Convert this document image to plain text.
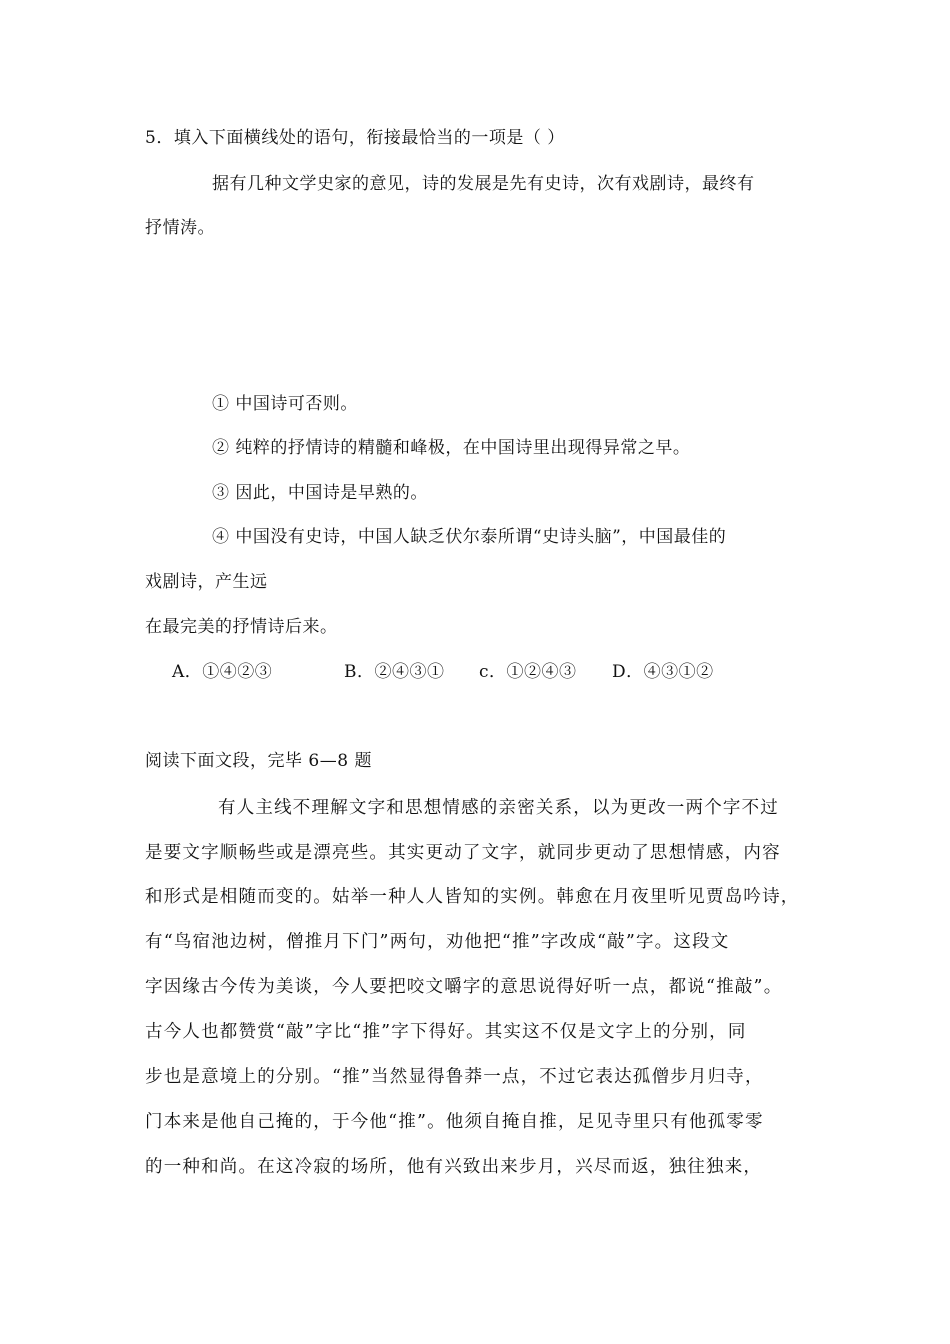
5．填入下面横线处的语句，衔接最恰当的一项是（ ）
据有几种文学史家的意见，诗的发展是先有史诗，次有戏剧诗，最终有
抒情涛。
① 中国诗可否则。
② 纯粹的抒情诗的精髓和峰极，在中国诗里出现得异常之早。
③ 因此，中国诗是早熟的。
④ 中国没有史诗，中国人缺乏伏尔泰所谓“史诗头脑”，中国最佳的
戏剧诗，产生远
在最完美的抒情诗后来。
A．①④②③	B．②④③① c．①②④③ D．④③①②
阅读下面文段，完毕 6—8 题
有人主线不理解文字和思想情感的亲密关系，以为更改一两个字不过
是要文字顺畅些或是漂亮些。其实更动了文字，就同步更动了思想情感，内容
和形式是相随而变的。姑举一种人人皆知的实例。韩愈在月夜里听见贾岛吟诗，
有“鸟宿池边树，僧推月下门”两句，劝他把“推”字改成“敲”字。这段文
字因缘古今传为美谈，今人要把咬文嚼字的意思说得好听一点，都说“推敲”。
古今人也都赞赏“敲”字比“推”字下得好。其实这不仅是文字上的分别，同
步也是意境上的分别。“推”当然显得鲁莽一点，不过它表达孤僧步月归寺，
门本来是他自己掩的，于今他“推”。他须自掩自推，足见寺里只有他孤零零
的一种和尚。在这冷寂的场所，他有兴致出来步月，兴尽而返，独往独来，
